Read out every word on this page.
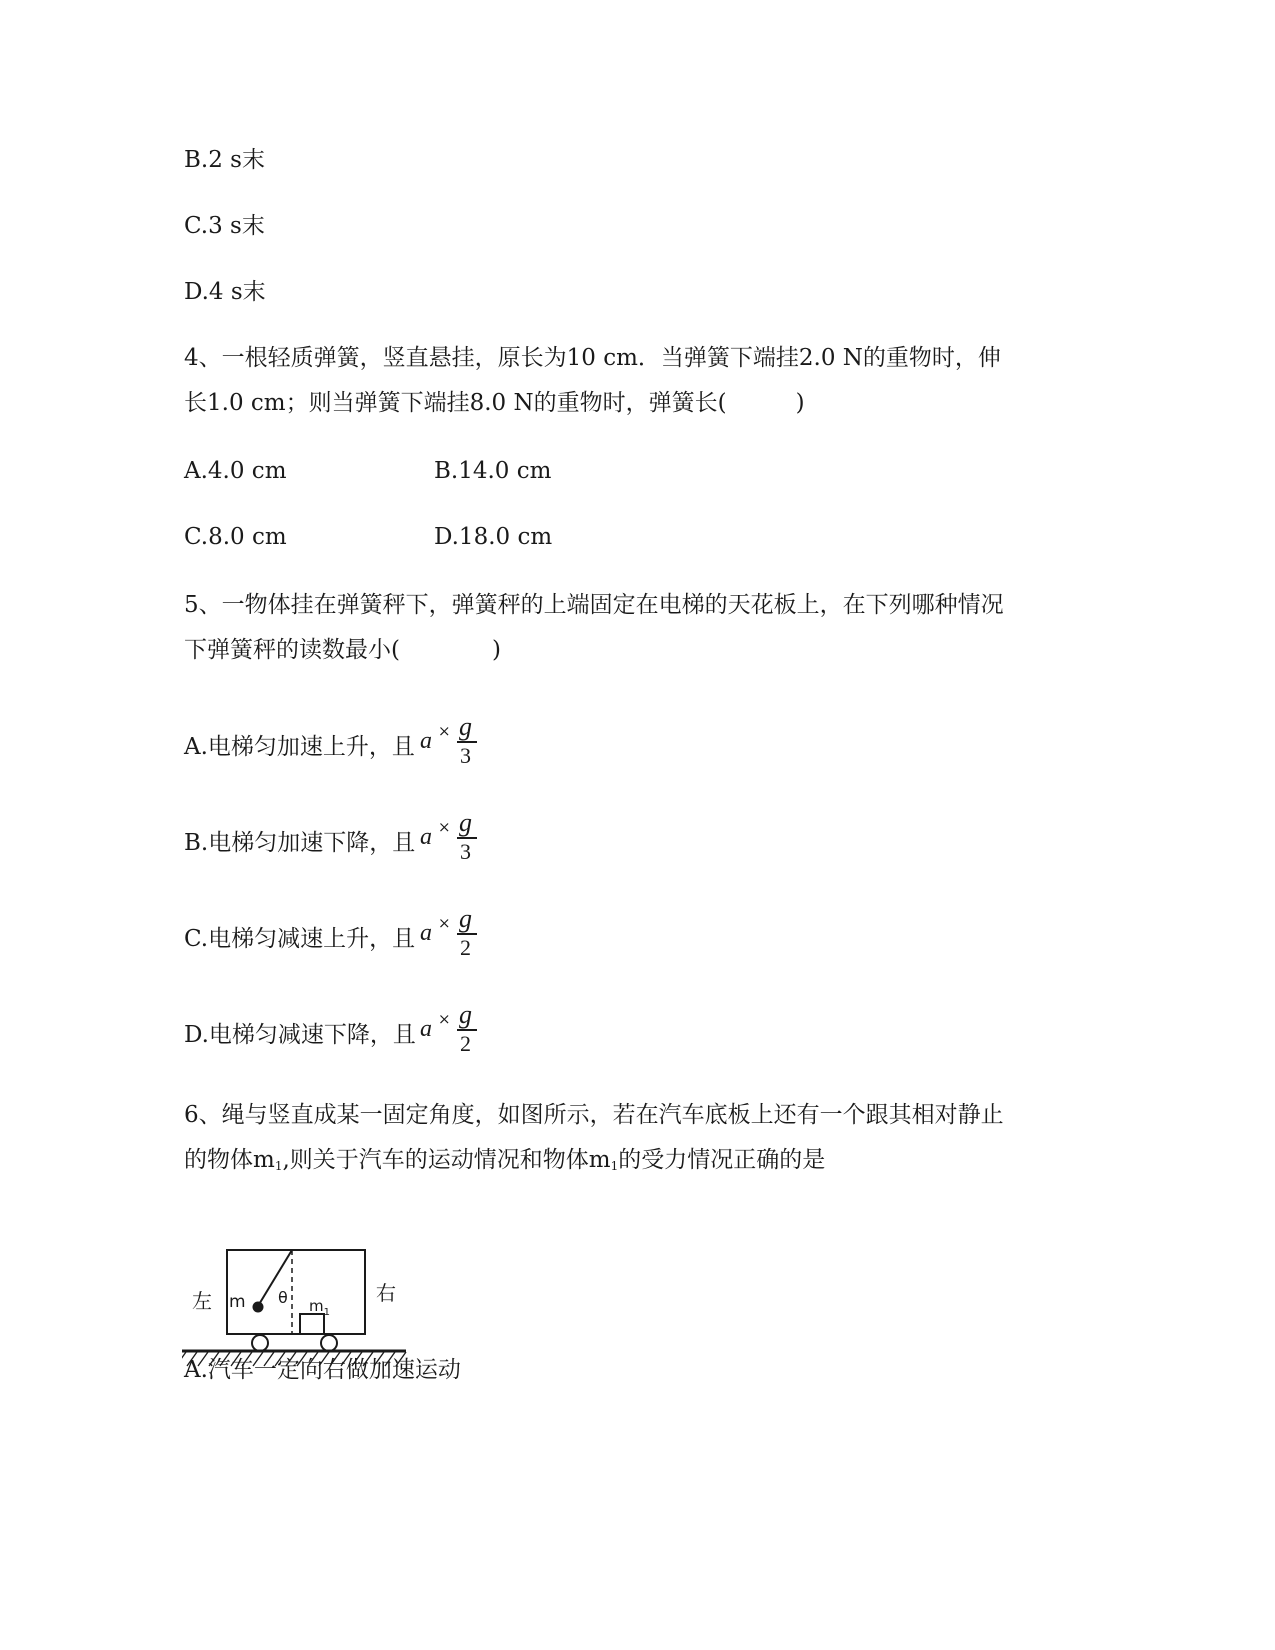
B.2 s末
C.3 s末
D.4 s末
4、一根轻质弹簧，竖直悬挂，原长为10 cm．当弹簧下端挂2.0 N的重物时，伸
长1.0 cm；则当弹簧下端挂8.0 N的重物时，弹簧长(　　　)
A.4.0 cm	B.14.0 cm
C.8.0 cm	D.18.0 cm
5、一物体挂在弹簧秤下，弹簧秤的上端固定在电梯的天花板上，在下列哪种情况
下弹簧秤的读数最小(　　　　)
A.电梯匀加速上升，且 a × g
3
B.电梯匀加速下降，且 a × g
3
C.电梯匀减速上升，且 a × g
2
D.电梯匀减速下降，且 a × g
2
6、绳与竖直成某一固定角度，如图所示，若在汽车底板上还有一个跟其相对静止
的物体$m_1$,则关于汽车的运动情况和物体$m_1$的受力情况正确的是
m θ $m_1$
左	右
A.汽车一定向右做加速运动
